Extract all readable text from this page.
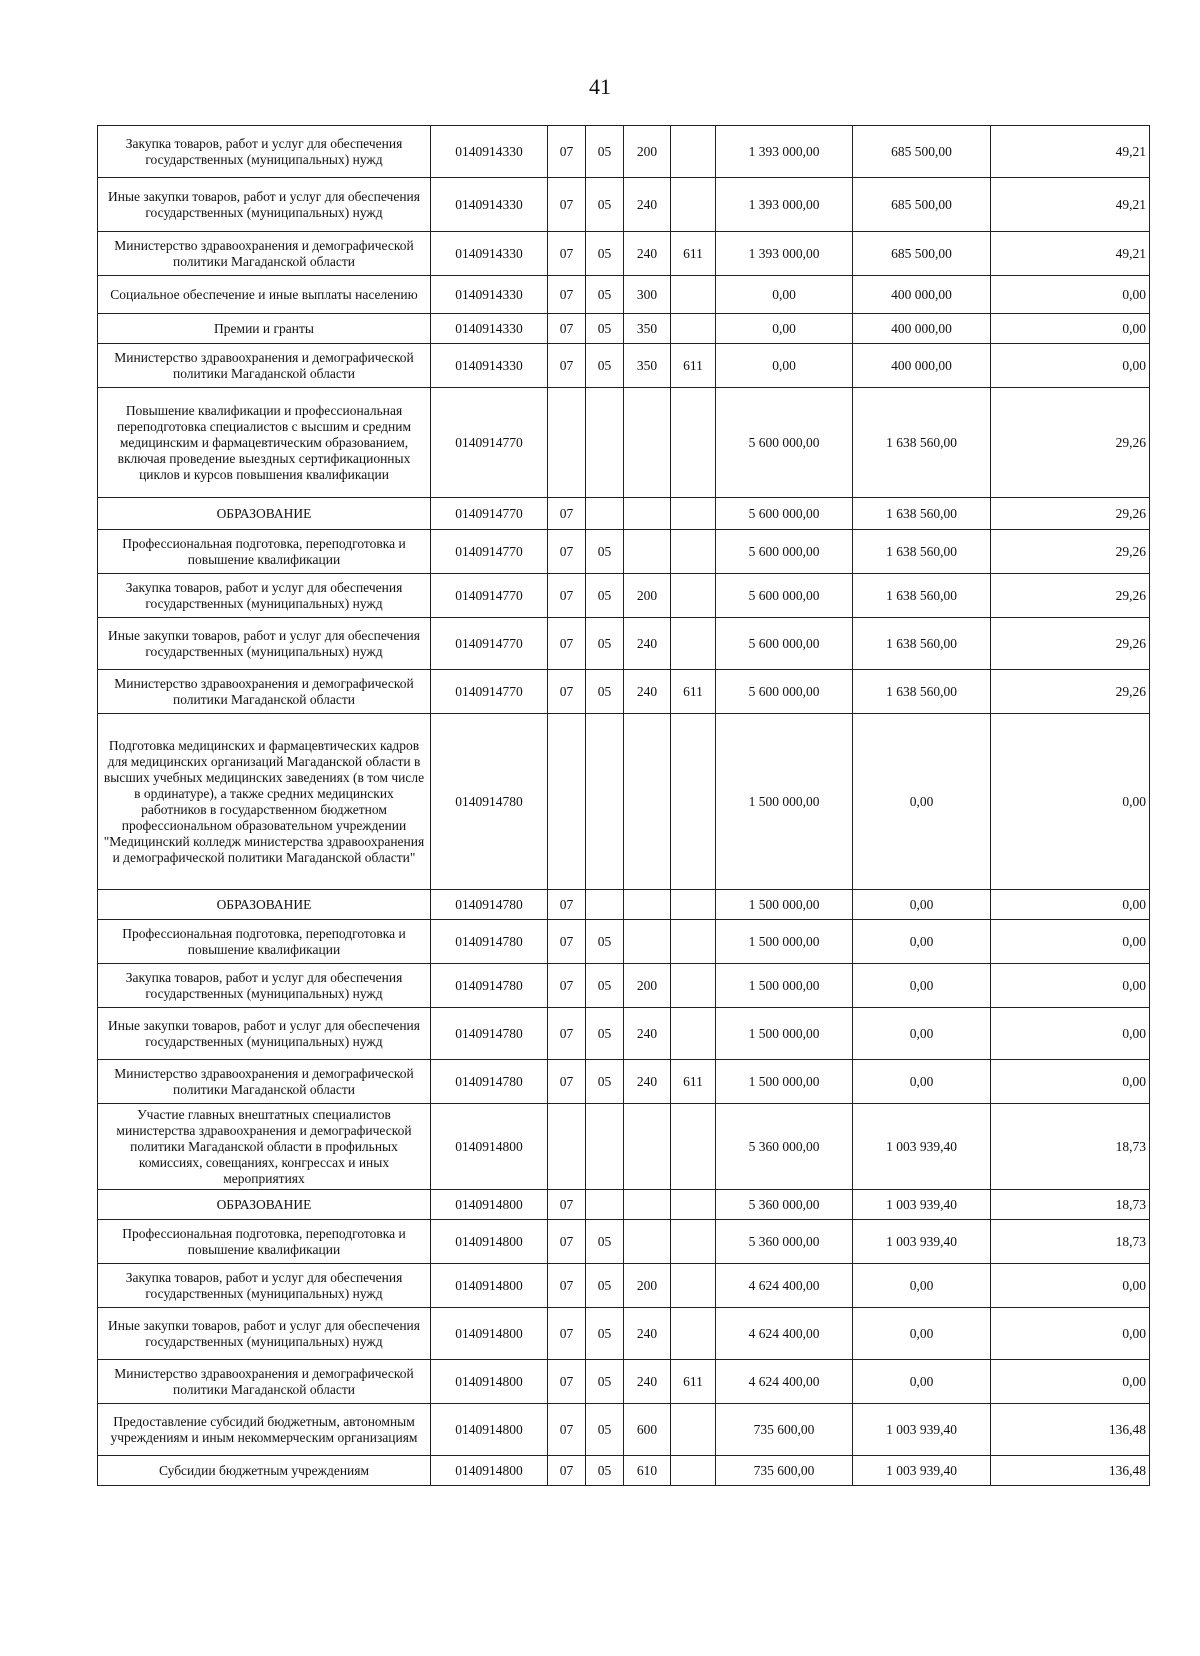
41
Закупка товаров, работ и услуг для обеспечения государственных (муниципальных) нужд	0140914330	07	05	200		1 393 000,00	685 500,00	49,21
Иные закупки товаров, работ и услуг для обеспечения государственных (муниципальных) нужд	0140914330	07	05	240		1 393 000,00	685 500,00	49,21
Министерство здравоохранения и демографической политики Магаданской области	0140914330	07	05	240	611	1 393 000,00	685 500,00	49,21
Социальное обеспечение и иные выплаты населению	0140914330	07	05	300		0,00	400 000,00	0,00
Премии и гранты	0140914330	07	05	350		0,00	400 000,00	0,00
Министерство здравоохранения и демографической политики Магаданской области	0140914330	07	05	350	611	0,00	400 000,00	0,00
Повышение квалификации и профессиональная переподготовка специалистов с высшим и средним медицинским и фармацевтическим образованием, включая проведение выездных сертификационных циклов и курсов повышения квалификации	0140914770					5 600 000,00	1 638 560,00	29,26
ОБРАЗОВАНИЕ	0140914770	07				5 600 000,00	1 638 560,00	29,26
Профессиональная подготовка, переподготовка и повышение квалификации	0140914770	07	05			5 600 000,00	1 638 560,00	29,26
Закупка товаров, работ и услуг для обеспечения государственных (муниципальных) нужд	0140914770	07	05	200		5 600 000,00	1 638 560,00	29,26
Иные закупки товаров, работ и услуг для обеспечения государственных (муниципальных) нужд	0140914770	07	05	240		5 600 000,00	1 638 560,00	29,26
Министерство здравоохранения и демографической политики Магаданской области	0140914770	07	05	240	611	5 600 000,00	1 638 560,00	29,26
Подготовка медицинских и фармацевтических кадров для медицинских организаций Магаданской области в высших учебных медицинских заведениях (в том числе в ординатуре), а также средних медицинских работников в государственном бюджетном профессиональном образовательном учреждении "Медицинский колледж министерства здравоохранения и демографической политики Магаданской области"	0140914780					1 500 000,00	0,00	0,00
ОБРАЗОВАНИЕ	0140914780	07				1 500 000,00	0,00	0,00
Профессиональная подготовка, переподготовка и повышение квалификации	0140914780	07	05			1 500 000,00	0,00	0,00
Закупка товаров, работ и услуг для обеспечения государственных (муниципальных) нужд	0140914780	07	05	200		1 500 000,00	0,00	0,00
Иные закупки товаров, работ и услуг для обеспечения государственных (муниципальных) нужд	0140914780	07	05	240		1 500 000,00	0,00	0,00
Министерство здравоохранения и демографической политики Магаданской области	0140914780	07	05	240	611	1 500 000,00	0,00	0,00
Участие главных внештатных специалистов министерства здравоохранения и демографической политики Магаданской области в профильных комиссиях, совещаниях, конгрессах и иных мероприятиях	0140914800					5 360 000,00	1 003 939,40	18,73
ОБРАЗОВАНИЕ	0140914800	07				5 360 000,00	1 003 939,40	18,73
Профессиональная подготовка, переподготовка и повышение квалификации	0140914800	07	05			5 360 000,00	1 003 939,40	18,73
Закупка товаров, работ и услуг для обеспечения государственных (муниципальных) нужд	0140914800	07	05	200		4 624 400,00	0,00	0,00
Иные закупки товаров, работ и услуг для обеспечения государственных (муниципальных) нужд	0140914800	07	05	240		4 624 400,00	0,00	0,00
Министерство здравоохранения и демографической политики Магаданской области	0140914800	07	05	240	611	4 624 400,00	0,00	0,00
Предоставление субсидий бюджетным, автономным учреждениям и иным некоммерческим организациям	0140914800	07	05	600		735 600,00	1 003 939,40	136,48
Субсидии бюджетным учреждениям	0140914800	07	05	610		735 600,00	1 003 939,40	136,48
